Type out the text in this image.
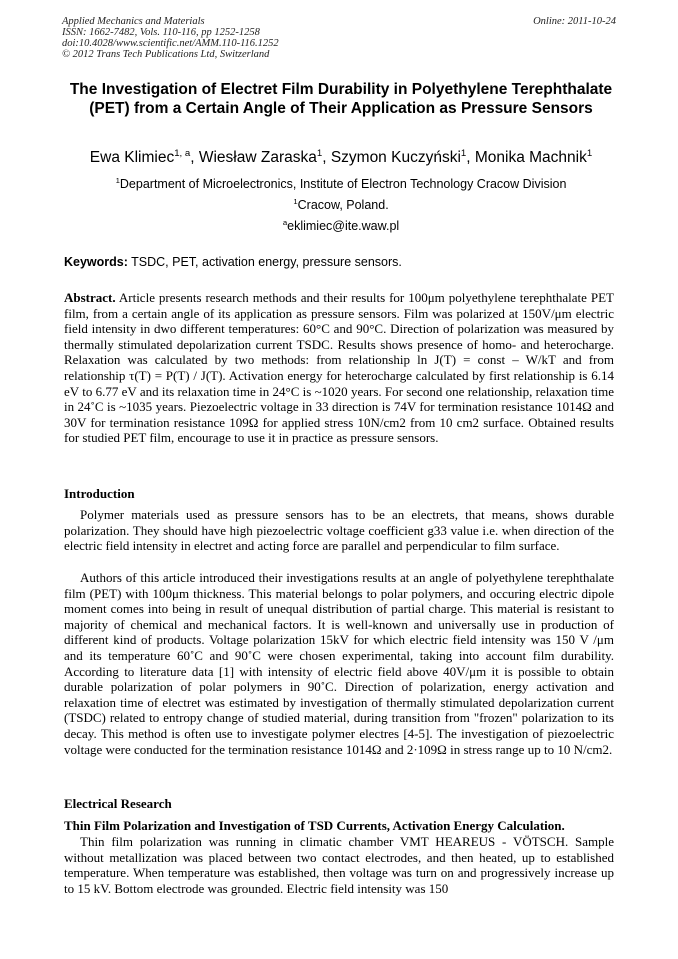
Applied Mechanics and Materials
ISSN: 1662-7482, Vols. 110-116, pp 1252-1258
doi:10.4028/www.scientific.net/AMM.110-116.1252
© 2012 Trans Tech Publications Ltd, Switzerland
Online: 2011-10-24
The Investigation of Electret Film Durability in Polyethylene Terephthalate (PET) from a Certain Angle of Their Application as Pressure Sensors
Ewa Klimiec$^{1, a}$, Wiesław Zaraska$^1$, Szymon Kuczyński$^1$, Monika Machnik$^1$
$^1$Department of Microelectronics, Institute of Electron Technology Cracow Division
$^1$Cracow, Poland.
$^a$eklimiec@ite.waw.pl
Keywords: TSDC, PET, activation energy, pressure sensors.
Abstract. Article presents research methods and their results for 100μm polyethylene terephthalate PET film, from a certain angle of its application as pressure sensors. Film was polarized at 150V/μm electric field intensity in dwo different temperatures: 60°C and 90°C. Direction of polarization was measured by thermally stimulated depolarization current TSDC. Results shows presence of homo- and heterocharge. Relaxation was calculated by two methods: from relationship ln J(T) = const – W/kT and from relationship τ(T) = P(T) / J(T). Activation energy for heterocharge calculated by first relationship is 6.14 eV to 6.77 eV and its relaxation time in 24°C is ~1020 years. For second one relationship, relaxation time in 24˚C is ~1035 years. Piezoelectric voltage in 33 direction is 74V for termination resistance 1014Ω and 30V for termination resistance 109Ω for applied stress 10N/cm2 from 10 cm2 surface. Obtained results for studied PET film, encourage to use it in practice as pressure sensors.
Introduction
Polymer materials used as pressure sensors has to be an electrets, that means, shows durable polarization. They should have high piezoelectric voltage coefficient g33 value i.e. when direction of the electric field intensity in electret and acting force are parallel and perpendicular to film surface.
Authors of this article introduced their investigations results at an angle of polyethylene terephthalate film (PET) with 100μm thickness. This material belongs to polar polymers, and occuring electric dipole moment comes into being in result of unequal distribution of partial charge. This material is resistant to majority of chemical and mechanical factors. It is well-known and universally use in production of different kind of products. Voltage polarization 15kV for which electric field intensity was 150 V /μm and its temperature 60˚C and 90˚C were chosen experimental, taking into account film durability. According to literature data [1] with intensity of electric field above 40V/μm it is possible to obtain durable polarization of polar polymers in 90˚C. Direction of polarization, energy activation and relaxation time of electret was estimated by investigation of thermally stimulated depolarization current (TSDC) related to entropy change of studied material, during transition from "frozen" polarization to its decay. This method is often use to investigate polymer electres [4-5]. The investigation of piezoelectric voltage were conducted for the termination resistance 1014Ω and 2·109Ω in stress range up to 10 N/cm2.
Electrical Research
Thin Film Polarization and Investigation of TSD Currents, Activation Energy Calculation.
Thin film polarization was running in climatic chamber VMT HEAREUS - VÖTSCH. Sample without metallization was placed between two contact electrodes, and then heated, up to established temperature. When temperature was established, then voltage was turn on and progressively increase up to 15 kV. Bottom electrode was grounded. Electric field intensity was 150
